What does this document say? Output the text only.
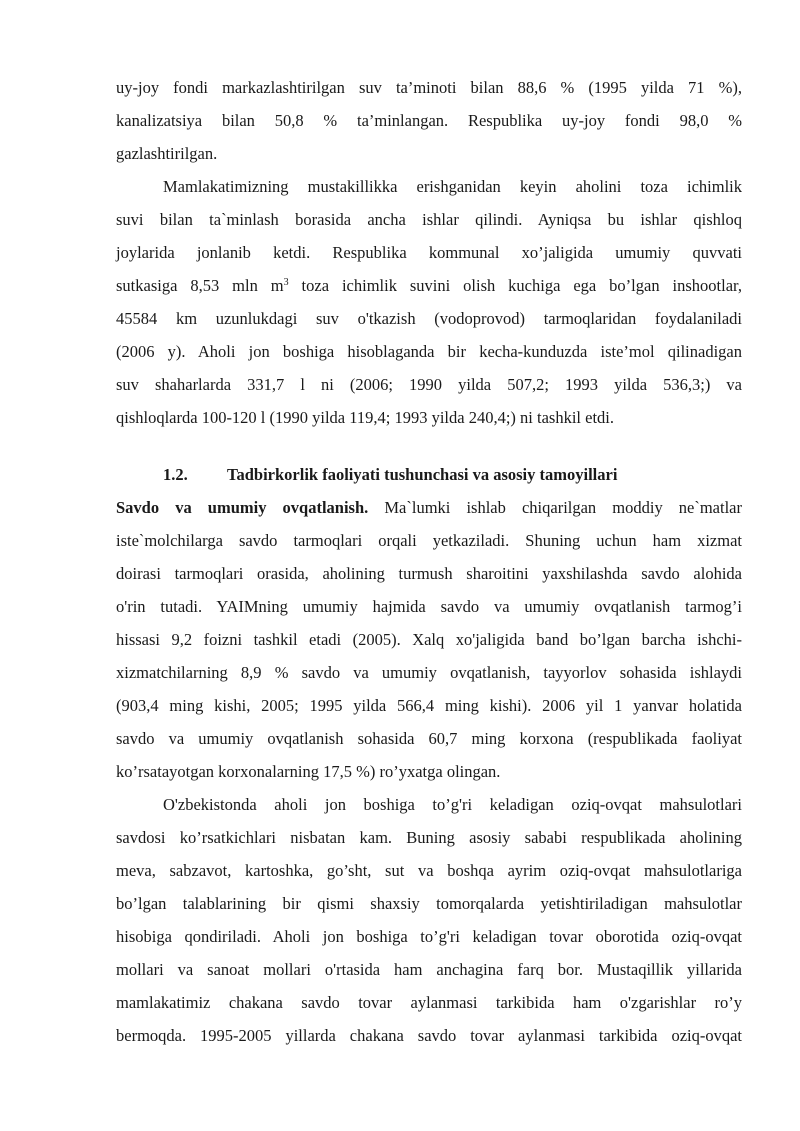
uy-joy fondi markazlashtirilgan suv ta’minoti bilan 88,6 % (1995 yilda 71 %),
kanalizatsiya bilan 50,8 % ta’minlangan. Respublika uy-joy fondi 98,0 %
gazlashtirilgan.
Mamlakatimizning mustakillikka erishganidan keyin aholini toza ichimlik
suvi bilan ta`minlash borasida ancha ishlar qilindi. Ayniqsa bu ishlar qishloq
joylarida jonlanib ketdi. Respublika kommunal xo’jaligida umumiy quvvati
sutkasiga 8,53 mln $m^3$ toza ichimlik suvini olish kuchiga ega bo’lgan inshootlar,
45584 km uzunlukdagi suv o'tkazish (vodoprovod) tarmoqlaridan foydalaniladi
(2006 y). Aholi jon boshiga hisoblaganda bir kecha-kunduzda iste’mol qilinadigan
suv shaharlarda 331,7 l ni (2006; 1990 yilda 507,2; 1993 yilda 536,3;) va
qishloqlarda 100-120 l (1990 yilda 119,4; 1993 yilda 240,4;) ni tashkil etdi.
1.2. Tadbirkorlik faoliyati tushunchasi va asosiy tamoyillari
Savdo va umumiy ovqatlanish. Ma`lumki ishlab chiqarilgan moddiy ne`matlar
iste`molchilarga savdo tarmoqlari orqali yetkaziladi. Shuning uchun ham xizmat
doirasi tarmoqlari orasida, aholining turmush sharoitini yaxshilashda savdo alohida
o'rin tutadi. YAIMning umumiy hajmida savdo va umumiy ovqatlanish tarmog’i
hissasi 9,2 foizni tashkil etadi (2005). Xalq xo'jaligida band bo’lgan barcha ishchi-
xizmatchilarning 8,9 % savdo va umumiy ovqatlanish, tayyorlov sohasida ishlaydi
(903,4 ming kishi, 2005; 1995 yilda 566,4 ming kishi). 2006 yil 1 yanvar holatida
savdo va umumiy ovqatlanish sohasida 60,7 ming korxona (respublikada faoliyat
ko’rsatayotgan korxonalarning 17,5 %) ro’yxatga olingan.
O'zbekistonda aholi jon boshiga to’g'ri keladigan oziq-ovqat mahsulotlari
savdosi ko’rsatkichlari nisbatan kam. Buning asosiy sababi respublikada aholining
meva, sabzavot, kartoshka, go’sht, sut va boshqa ayrim oziq-ovqat mahsulotlariga
bo’lgan talablarining bir qismi shaxsiy tomorqalarda yetishtiriladigan mahsulotlar
hisobiga qondiriladi. Aholi jon boshiga to’g'ri keladigan tovar oborotida oziq-ovqat
mollari va sanoat mollari o'rtasida ham anchagina farq bor. Mustaqillik yillarida
mamlakatimiz chakana savdo tovar aylanmasi tarkibida ham o'zgarishlar ro’y
bermoqda. 1995-2005 yillarda chakana savdo tovar aylanmasi tarkibida oziq-ovqat
